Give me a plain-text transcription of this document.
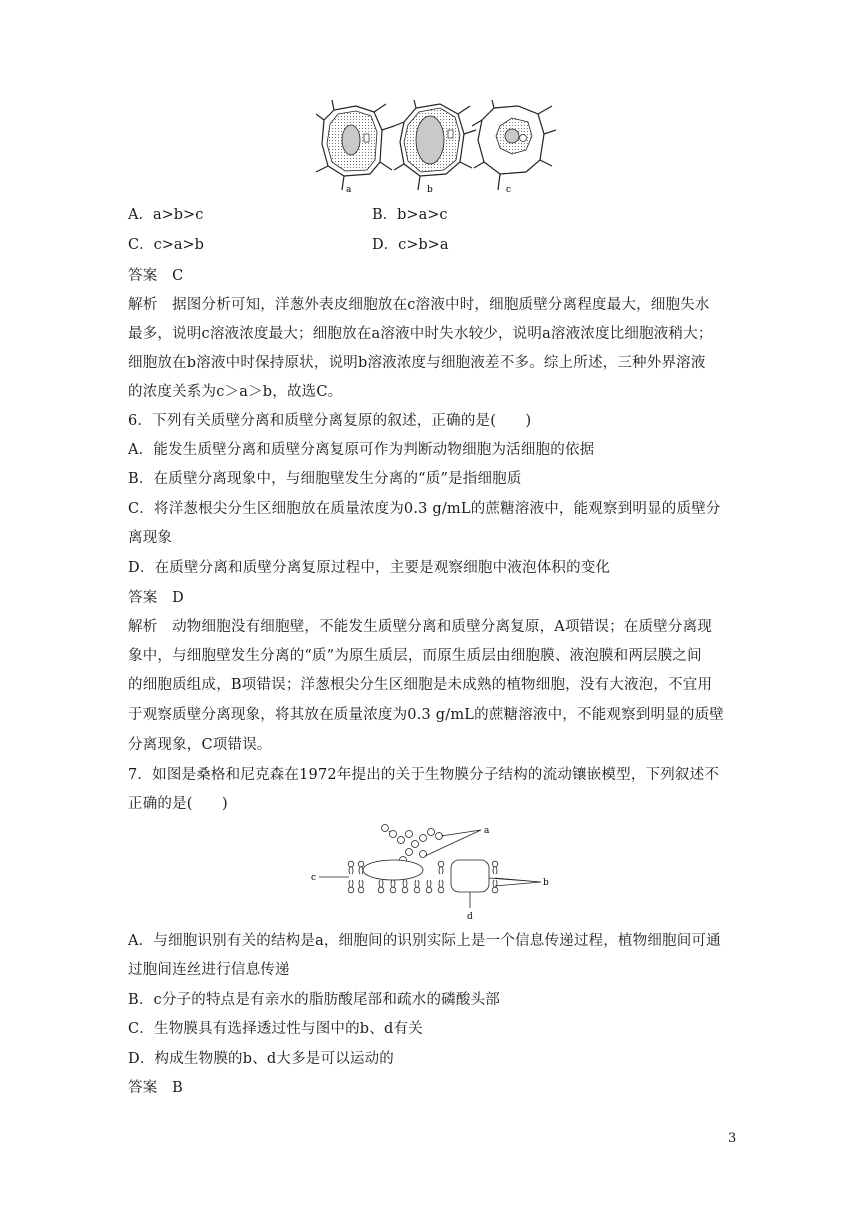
a	b	c
A．a>b>c	B．b>a>c
C．c>a>b	D．c>b>a
答案　C
解析　据图分析可知，洋葱外表皮细胞放在c溶液中时，细胞质壁分离程度最大，细胞失水
最多，说明c溶液浓度最大；细胞放在a溶液中时失水较少，说明a溶液浓度比细胞液稍大；
细胞放在b溶液中时保持原状，说明b溶液浓度与细胞液差不多。综上所述，三种外界溶液
的浓度关系为c＞a＞b，故选C。
6．下列有关质壁分离和质壁分离复原的叙述，正确的是(　　)
A．能发生质壁分离和质壁分离复原可作为判断动物细胞为活细胞的依据
B．在质壁分离现象中，与细胞壁发生分离的“质”是指细胞质
C．将洋葱根尖分生区细胞放在质量浓度为0.3 g/mL的蔗糖溶液中，能观察到明显的质壁分
离现象
D．在质壁分离和质壁分离复原过程中，主要是观察细胞中液泡体积的变化
答案　D
解析　动物细胞没有细胞壁，不能发生质壁分离和质壁分离复原，A项错误；在质壁分离现
象中，与细胞壁发生分离的“质”为原生质层，而原生质层由细胞膜、液泡膜和两层膜之间
的细胞质组成，B项错误；洋葱根尖分生区细胞是未成熟的植物细胞，没有大液泡，不宜用
于观察质壁分离现象，将其放在质量浓度为0.3 g/mL的蔗糖溶液中，不能观察到明显的质壁
分离现象，C项错误。
7．如图是桑格和尼克森在1972年提出的关于生物膜分子结构的流动镶嵌模型，下列叙述不
正确的是(　　)
a
c	b
d
A．与细胞识别有关的结构是a，细胞间的识别实际上是一个信息传递过程，植物细胞间可通
过胞间连丝进行信息传递
B．c分子的特点是有亲水的脂肪酸尾部和疏水的磷酸头部
C．生物膜具有选择透过性与图中的b、d有关
D．构成生物膜的b、d大多是可以运动的
答案　B
3
